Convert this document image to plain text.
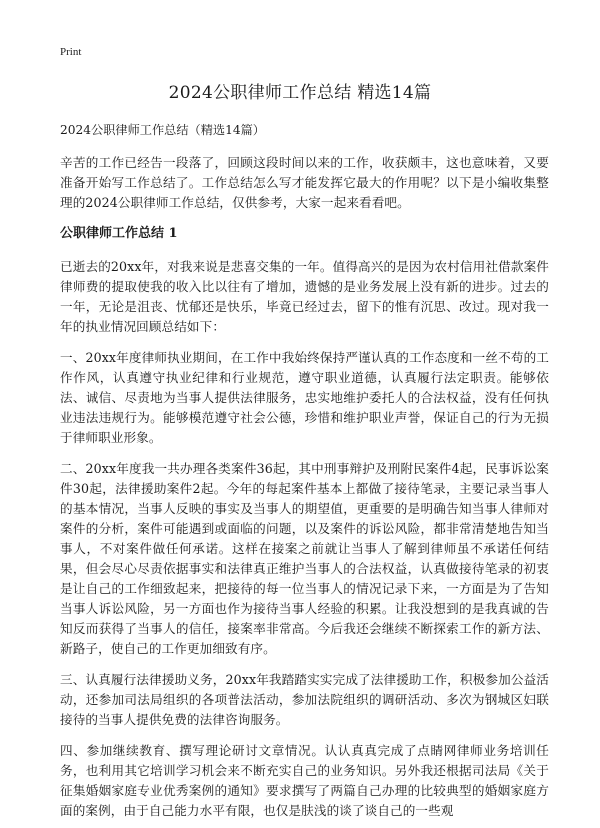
Print
2024公职律师工作总结 精选14篇
2024公职律师工作总结（精选14篇）

辛苦的工作已经告一段落了，回顾这段时间以来的工作，收获颇丰，这也意味着，又要准备开始写工作总结了。工作总结怎么写才能发挥它最大的作用呢？以下是小编收集整理的2024公职律师工作总结，仅供参考，大家一起来看看吧。

公职律师工作总结 1

已逝去的20xx年，对我来说是悲喜交集的一年。值得高兴的是因为农村信用社借款案件律师费的提取使我的收入比以往有了增加，遗憾的是业务发展上没有新的进步。过去的一年，无论是沮丧、忧郁还是快乐，毕竟已经过去，留下的惟有沉思、改过。现对我一年的执业情况回顾总结如下：

一、20xx年度律师执业期间，在工作中我始终保持严谨认真的工作态度和一丝不苟的工作作风，认真遵守执业纪律和行业规范，遵守职业道德，认真履行法定职责。能够依法、诚信、尽责地为当事人提供法律服务，忠实地维护委托人的合法权益，没有任何执业违法违规行为。能够模范遵守社会公德，珍惜和维护职业声誉，保证自己的行为无损于律师职业形象。

二、20xx年度我一共办理各类案件36起，其中刑事辩护及刑附民案件4起，民事诉讼案件30起，法律援助案件2起。今年的每起案件基本上都做了接待笔录，主要记录当事人的基本情况，当事人反映的事实及当事人的期望值，更重要的是明确告知当事人律师对案件的分析，案件可能遇到或面临的问题，以及案件的诉讼风险，都非常清楚地告知当事人，不对案件做任何承诺。这样在接案之前就让当事人了解到律师虽不承诺任何结果，但会尽心尽责依据事实和法律真正维护当事人的合法权益，认真做接待笔录的初衷是让自己的工作细致起来，把接待的每一位当事人的情况记录下来，一方面是为了告知当事人诉讼风险，另一方面也作为接待当事人经验的积累。让我没想到的是我真诚的告知反而获得了当事人的信任，接案率非常高。今后我还会继续不断探索工作的新方法、新路子，使自己的工作更加细致有序。

三、认真履行法律援助义务，20xx年我踏踏实实完成了法律援助工作，积极参加公益活动，还参加司法局组织的各项普法活动，参加法院组织的调研活动、多次为钢城区妇联接待的当事人提供免费的法律咨询服务。

四、参加继续教育、撰写理论研讨文章情况。认认真真完成了点睛网律师业务培训任务，也利用其它培训学习机会来不断充实自己的业务知识。另外我还根据司法局《关于征集婚姻家庭专业优秀案例的通知》要求撰写了两篇自己办理的比较典型的婚姻家庭方面的案例，由于自己能力水平有限，也仅是肤浅的谈了谈自己的一些观
